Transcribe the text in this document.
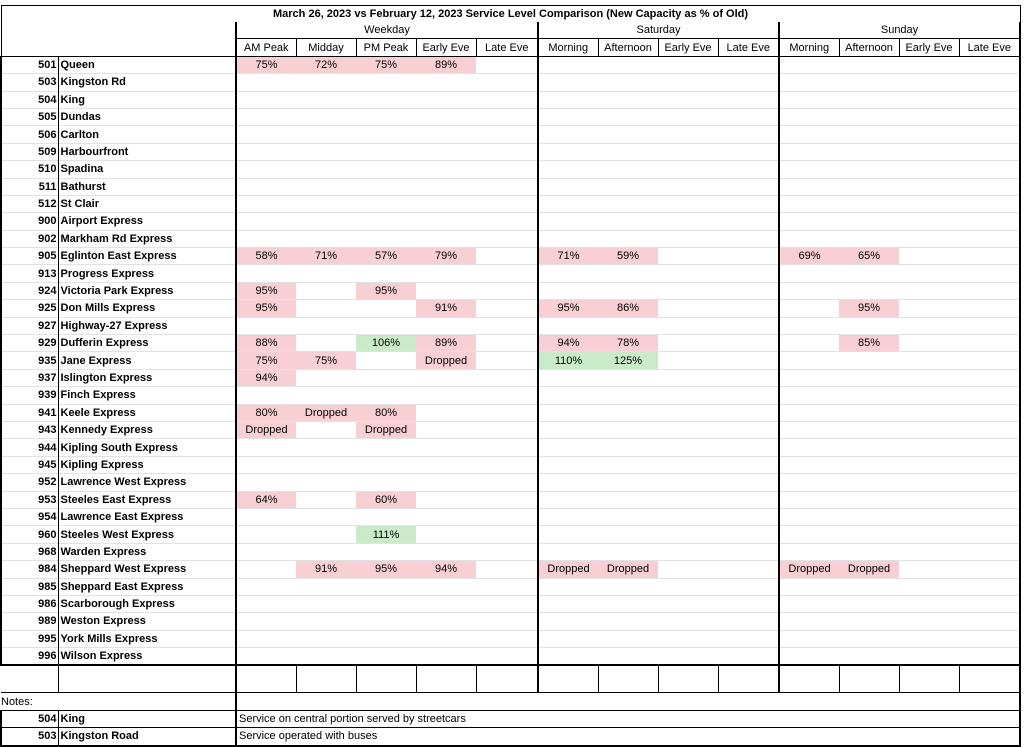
March 26, 2023 vs February 12, 2023 Service Level Comparison (New Capacity as % of Old)														
		Weekday					Saturday				Sunday			
		AM Peak	Midday	PM Peak	Early Eve	Late Eve	Morning	Afternoon	Early Eve	Late Eve	Morning	Afternoon	Early Eve	Late Eve
501	Queen	75%	72%	75%	89%									
503	Kingston Rd													
504	King													
505	Dundas													
506	Carlton													
509	Harbourfront													
510	Spadina													
511	Bathurst													
512	St Clair													
900	Airport Express													
902	Markham Rd Express													
905	Eglinton East Express	58%	71%	57%	79%		71%	59%			69%	65%		
913	Progress Express													
924	Victoria Park Express	95%		95%										
925	Don Mills Express	95%			91%		95%	86%				95%		
927	Highway-27 Express													
929	Dufferin Express	88%		106%	89%		94%	78%				85%		
935	Jane Express	75%	75%		Dropped		110%	125%						
937	Islington Express	94%												
939	Finch Express													
941	Keele Express	80%	Dropped	80%										
943	Kennedy Express	Dropped		Dropped										
944	Kipling South Express													
945	Kipling Express													
952	Lawrence West Express													
953	Steeles East Express	64%		60%										
954	Lawrence East Express													
960	Steeles West Express			111%										
968	Warden Express													
984	Sheppard West Express		91%	95%	94%		Dropped	Dropped			Dropped	Dropped		
985	Sheppard East Express													
986	Scarborough Express													
989	Weston Express													
995	York Mills Express													
996	Wilson Express													

Notes:														
504	King	Service on central portion served by streetcars												
503	Kingston Road	Service operated with buses												
